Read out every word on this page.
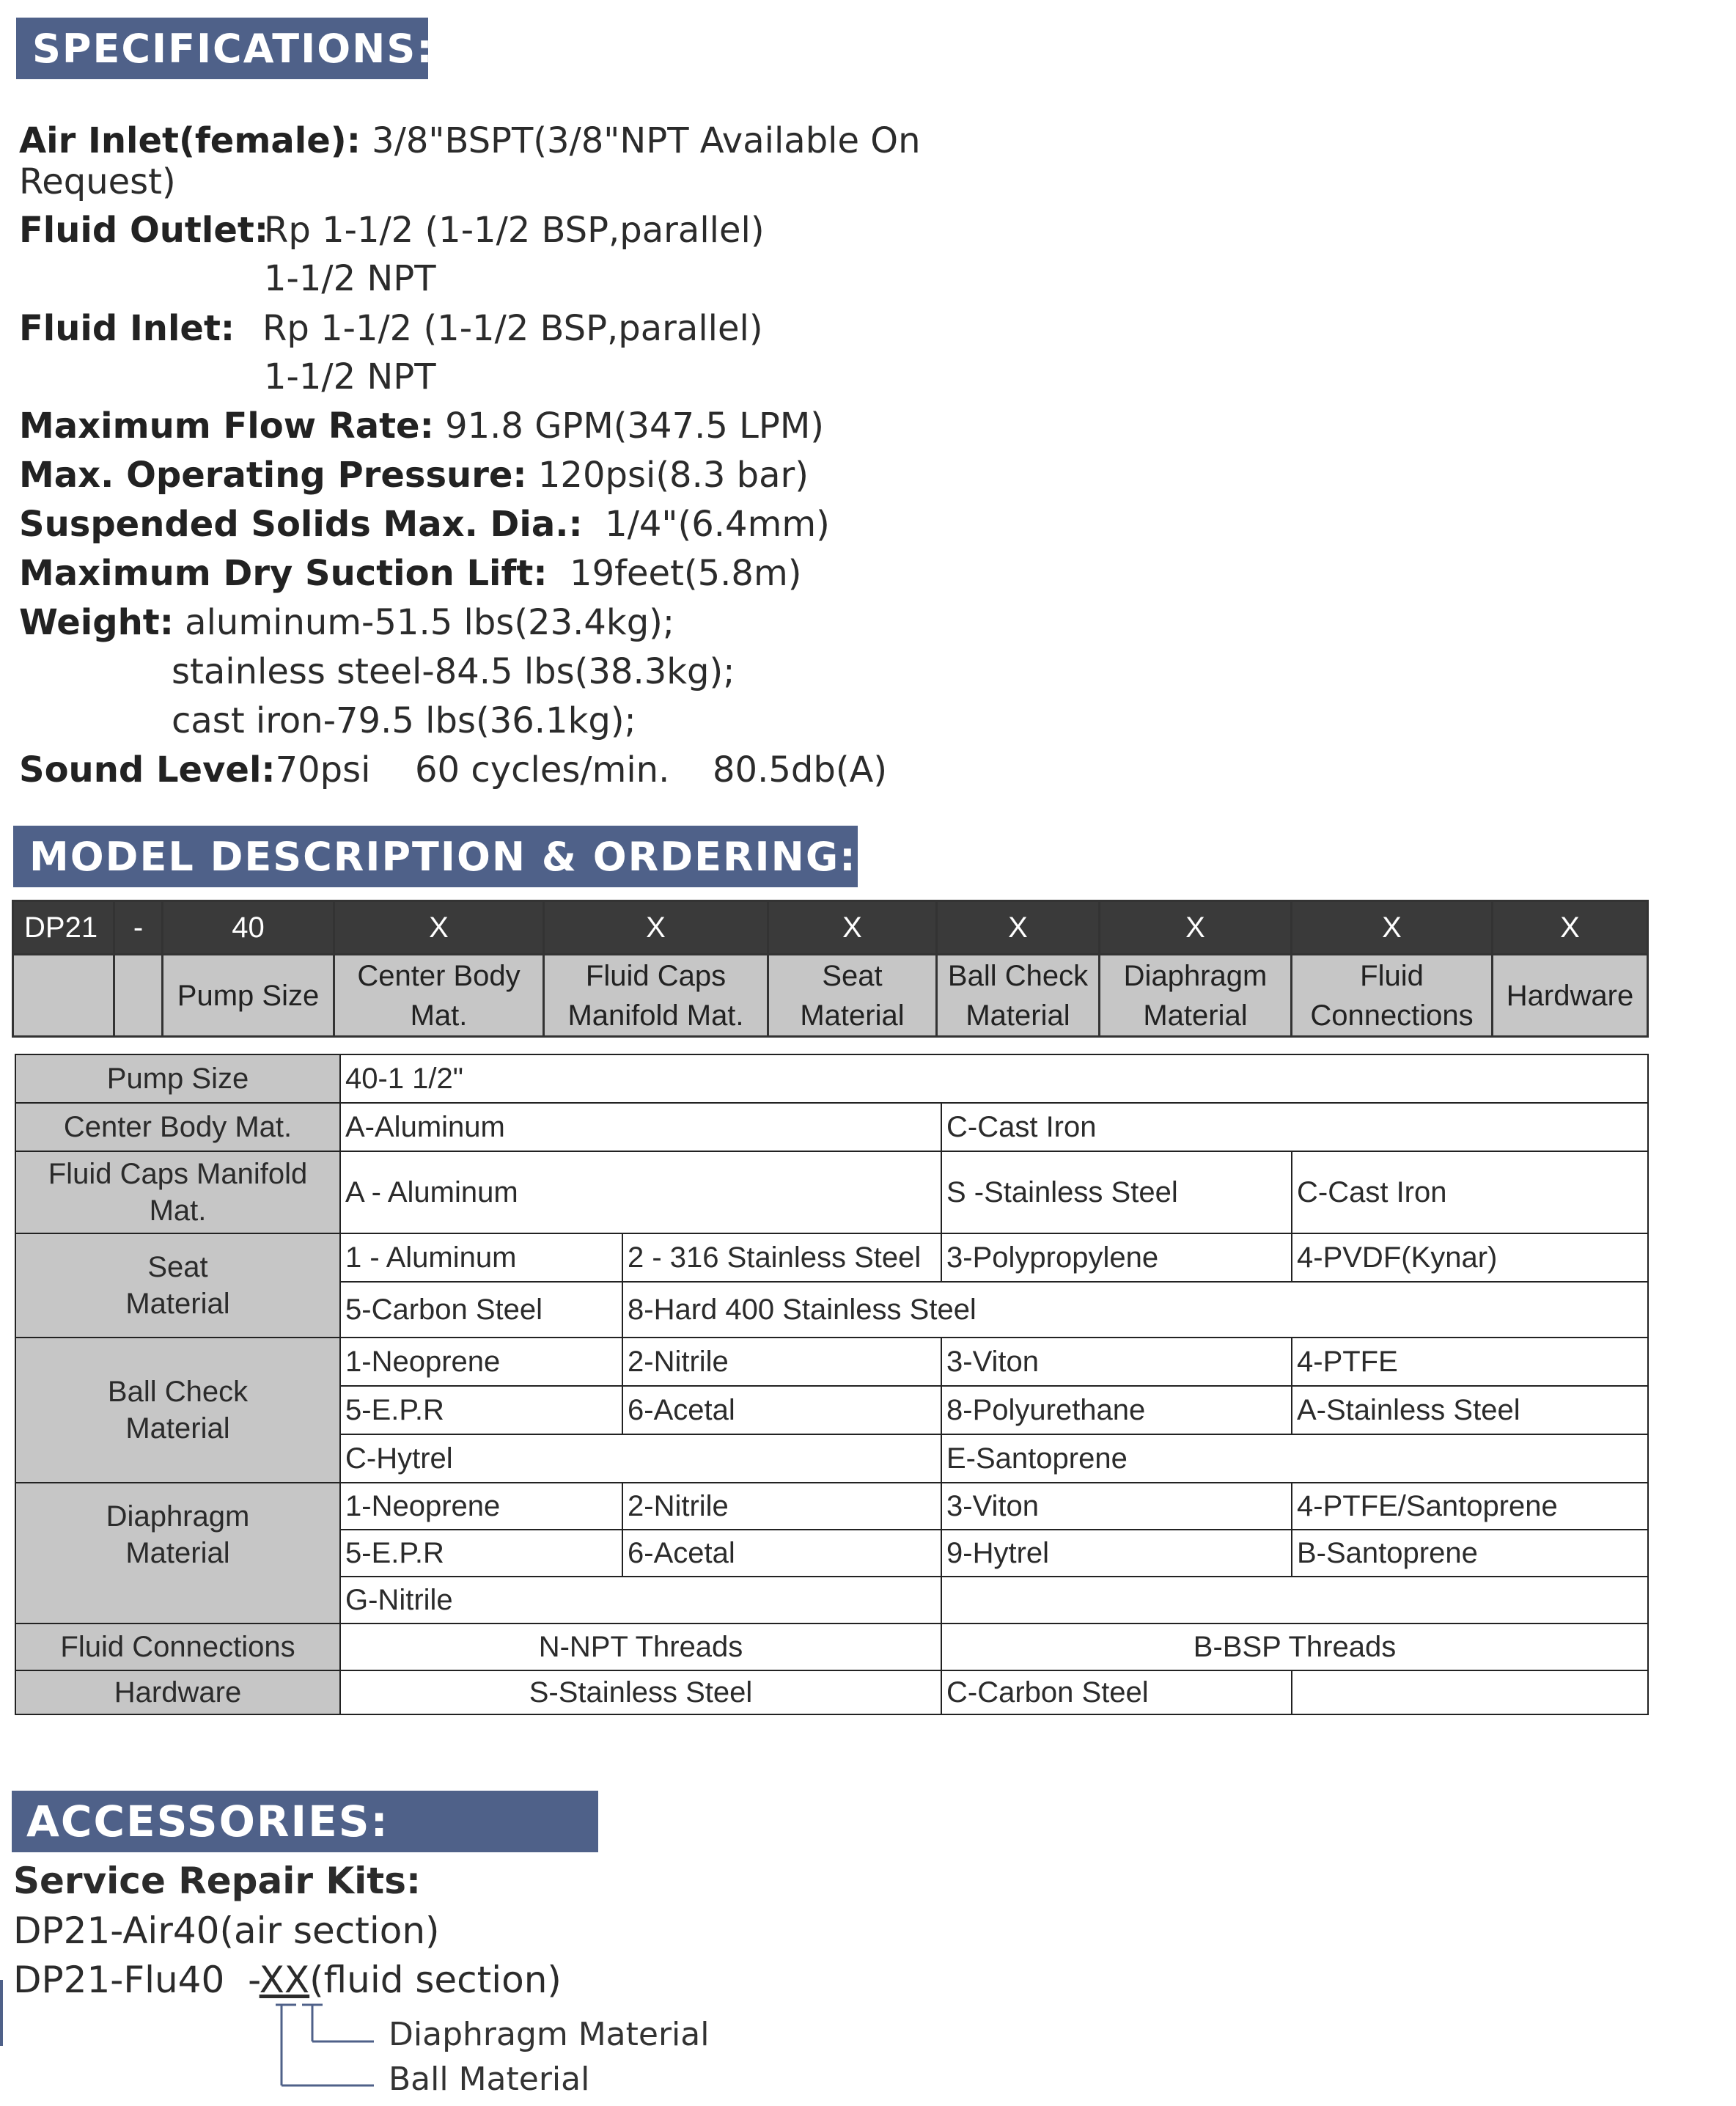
SPECIFICATIONS:
Air Inlet(female): 3/8"BSPT(3/8"NPT Available On
Request)
Fluid Outlet:
Rp 1-1/2 (1-1/2 BSP,parallel)
1-1/2 NPT
Fluid Inlet: Rp 1-1/2 (1-1/2 BSP,parallel)
1-1/2 NPT
Maximum Flow Rate: 91.8 GPM(347.5 LPM)
Max. Operating Pressure: 120psi(8.3 bar)
Suspended Solids Max. Dia.:  1/4"(6.4mm)
Maximum Dry Suction Lift:  19feet(5.8m)
Weight: aluminum-51.5 lbs(23.4kg);
stainless steel-84.5 lbs(38.3kg);
cast iron-79.5 lbs(36.1kg);
Sound Level:70psi 60 cycles/min. 80.5db(A)
MODEL DESCRIPTION & ORDERING:
DP21	-	40	X	X	X	X	X	X	X
		Pump Size	Center Body Mat.	Fluid Caps Manifold Mat.	Seat Material	Ball Check Material	Diaphragm Material	Fluid Connections	Hardware
Pump Size	40-1 1/2"			
Center Body Mat.	A-Aluminum		C-Cast Iron	
Fluid Caps Manifold Mat.	A - Aluminum		S -Stainless Steel	C-Cast Iron
Seat Material	1 - Aluminum	2 - 316 Stainless Steel	3-Polypropylene	4-PVDF(Kynar)
	5-Carbon Steel	8-Hard 400 Stainless Steel		
Ball Check Material	1-Neoprene	2-Nitrile	3-Viton	4-PTFE
	5-E.P.R	6-Acetal	8-Polyurethane	A-Stainless Steel
	C-Hytrel		E-Santoprene	
Diaphragm Material	1-Neoprene	2-Nitrile	3-Viton	4-PTFE/Santoprene
	5-E.P.R	6-Acetal	9-Hytrel	B-Santoprene
	G-Nitrile			
Fluid Connections	N-NPT Threads		B-BSP Threads	
Hardware	S-Stainless Steel		C-Carbon Steel	
ACCESSORIES:
Service Repair Kits:
DP21-Air40(air section)
DP21-Flu40  -XX(fluid section)
Diaphragm Material
Ball Material
